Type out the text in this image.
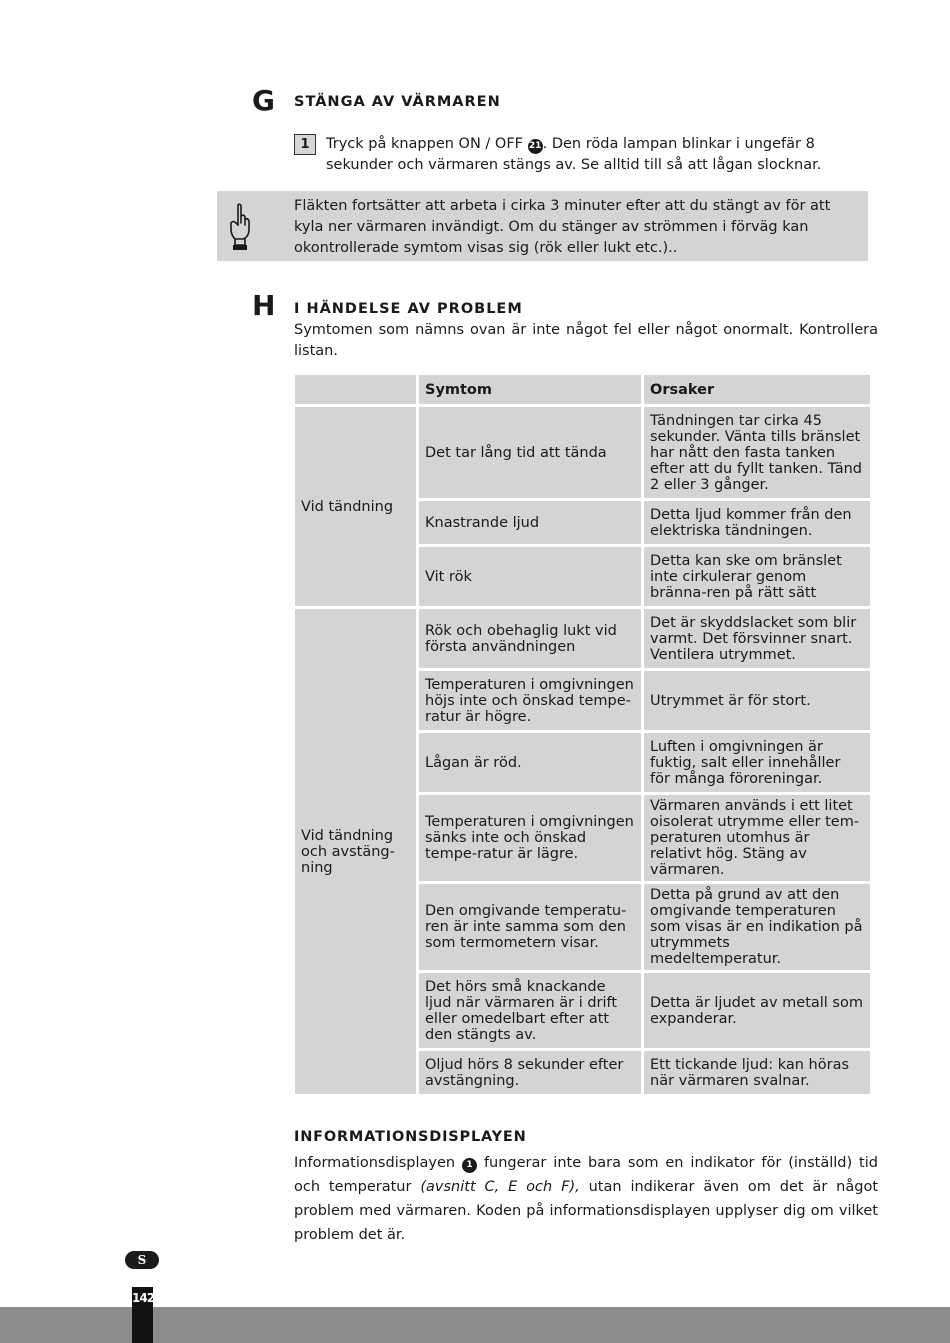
G STÄNGA AV VÄRMAREN
1	Tryck på knappen ON / OFF 21. Den röda lampan blinkar i ungefär 8 sekunder och värmaren stängs av. Se alltid till så att lågan slocknar.
Fläkten fortsätter att arbeta i cirka 3 minuter efter att du stängt av för att kyla ner värmaren invändigt. Om du stänger av strömmen i förväg kan okontrollerade symtom visas sig (rök eller lukt etc.)..
H I HÄNDELSE AV PROBLEM
Symtomen som nämns ovan är inte något fel eller något onormalt. Kontrollera listan.
	Symtom	Orsaker
Vid tändning	Det tar lång tid att tända	Tändningen tar cirka 45 sekunder. Vänta tills bränslet har nått den fasta tanken efter att du fyllt tanken. Tänd 2 eller 3 gånger.
	Knastrande ljud	Detta ljud kommer från den elektriska tändningen.
	Vit rök	Detta kan ske om bränslet inte cirkulerar genom bränna-ren på rätt sätt
Vid tändning och avstäng-ning	Rök och obehaglig lukt vid första användningen	Det är skyddslacket som blir varmt. Det försvinner snart. Ventilera utrymmet.
	Temperaturen i omgivningen höjs inte och önskad tempe-ratur är högre.	Utrymmet är för stort.
	Lågan är röd.	Luften i omgivningen är fuktig, salt eller innehåller för många föroreningar.
	Temperaturen i omgivningen sänks inte och önskad tempe-ratur är lägre.	Värmaren används i ett litet oisolerat utrymme eller tem-peraturen utomhus är relativt hög. Stäng av värmaren.
	Den omgivande temperatu-ren är inte samma som den som termometern visar.	Detta på grund av att den omgivande temperaturen som visas är en indikation på utrymmets medeltemperatur.
	Det hörs små knackande ljud när värmaren är i drift eller omedelbart efter att den stängts av.	Detta är ljudet av metall som expanderar.
	Oljud hörs 8 sekunder efter avstängning.	Ett tickande ljud: kan höras när värmaren svalnar.
INFORMATIONSDISPLAYEN
Informationsdisplayen 1 fungerar inte bara som en indikator för (inställd) tid och temperatur (avsnitt C, E och F), utan indikerar även om det är något problem med värmaren. Koden på informationsdisplayen upplyser dig om vilket problem det är.
S
142
